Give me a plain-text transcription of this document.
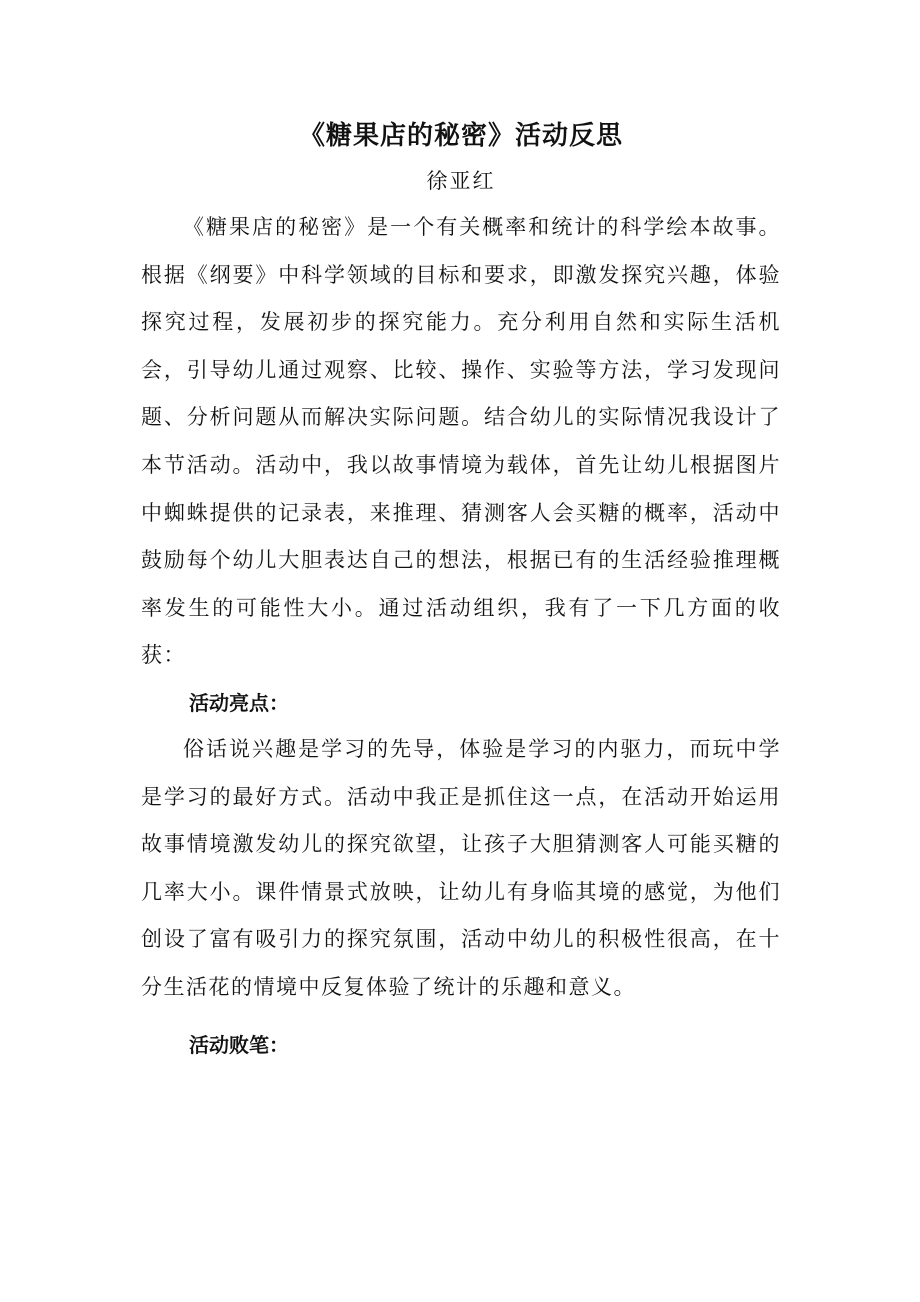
《糖果店的秘密》活动反思

徐亚红

《糖果店的秘密》是一个有关概率和统计的科学绘本故事。根据《纲要》中科学领域的目标和要求，即激发探究兴趣，体验探究过程，发展初步的探究能力。充分利用自然和实际生活机会，引导幼儿通过观察、比较、操作、实验等方法，学习发现问题、分析问题从而解决实际问题。结合幼儿的实际情况我设计了本节活动。活动中，我以故事情境为载体，首先让幼儿根据图片中蜘蛛提供的记录表，来推理、猜测客人会买糖的概率，活动中鼓励每个幼儿大胆表达自己的想法，根据已有的生活经验推理概率发生的可能性大小。通过活动组织，我有了一下几方面的收获：

活动亮点：

俗话说兴趣是学习的先导，体验是学习的内驱力，而玩中学是学习的最好方式。活动中我正是抓住这一点，在活动开始运用故事情境激发幼儿的探究欲望，让孩子大胆猜测客人可能买糖的几率大小。课件情景式放映，让幼儿有身临其境的感觉，为他们创设了富有吸引力的探究氛围，活动中幼儿的积极性很高，在十分生活花的情境中反复体验了统计的乐趣和意义。

活动败笔：
